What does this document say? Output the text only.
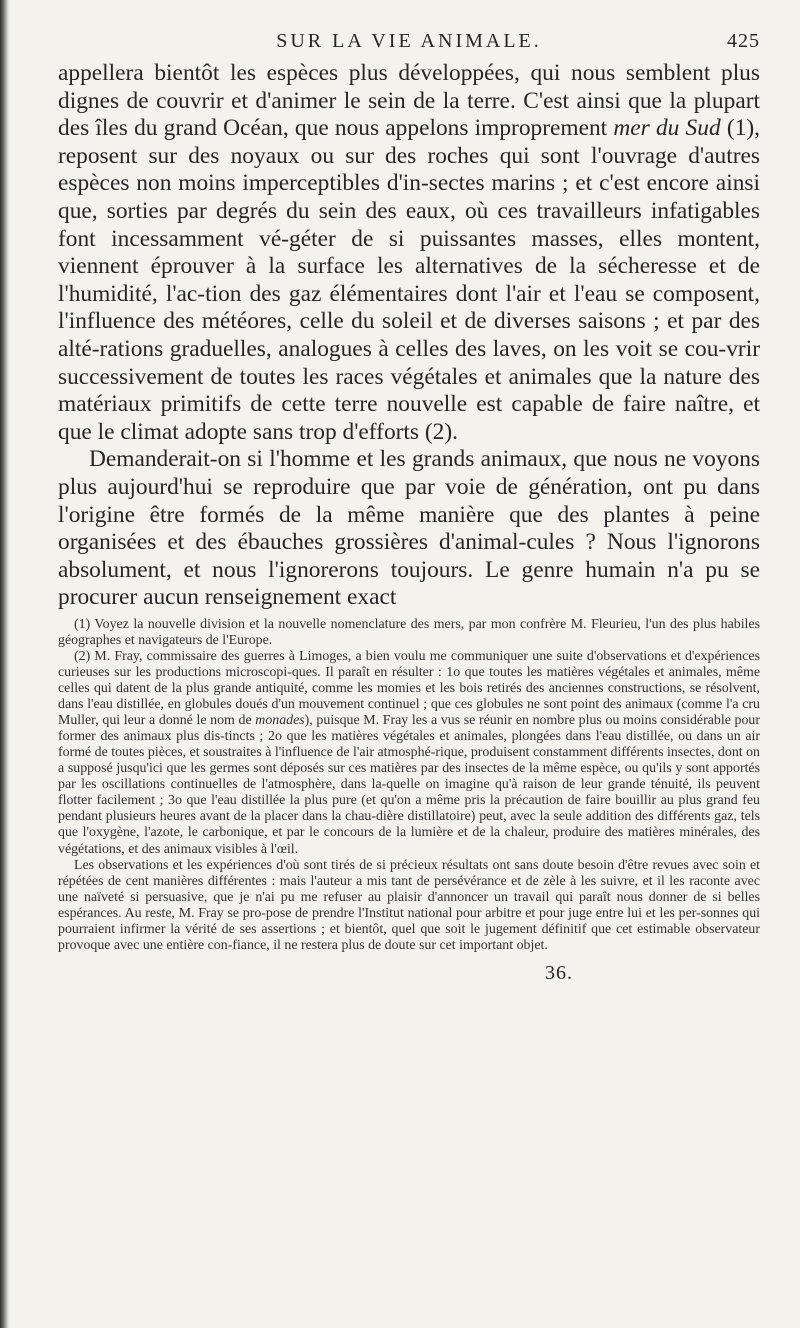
SUR LA VIE ANIMALE.	425

appellera bientôt les espèces plus développées, qui nous semblent plus dignes de couvrir et d'animer le sein de la terre. C'est ainsi que la plupart des îles du grand Océan, que nous appelons improprement mer du Sud (1), reposent sur des noyaux ou sur des roches qui sont l'ouvrage d'autres espèces non moins imperceptibles d'in-sectes marins ; et c'est encore ainsi que, sorties par degrés du sein des eaux, où ces travailleurs infatigables font incessamment vé-géter de si puissantes masses, elles montent, viennent éprouver à la surface les alternatives de la sécheresse et de l'humidité, l'ac-tion des gaz élémentaires dont l'air et l'eau se composent, l'influence des météores, celle du soleil et de diverses saisons ; et par des alté-rations graduelles, analogues à celles des laves, on les voit se cou-vrir successivement de toutes les races végétales et animales que la nature des matériaux primitifs de cette terre nouvelle est capable de faire naître, et que le climat adopte sans trop d'efforts (2).

Demanderait-on si l'homme et les grands animaux, que nous ne voyons plus aujourd'hui se reproduire que par voie de génération, ont pu dans l'origine être formés de la même manière que des plantes à peine organisées et des ébauches grossières d'animal-cules ? Nous l'ignorons absolument, et nous l'ignorerons toujours. Le genre humain n'a pu se procurer aucun renseignement exact

(1) Voyez la nouvelle division et la nouvelle nomenclature des mers, par mon confrère M. Fleurieu, l'un des plus habiles géographes et navigateurs de l'Europe.

(2) M. Fray, commissaire des guerres à Limoges, a bien voulu me communiquer une suite d'observations et d'expériences curieuses sur les productions microscopi-ques. Il paraît en résulter : 1o que toutes les matières végétales et animales, même celles qui datent de la plus grande antiquité, comme les momies et les bois retirés des anciennes constructions, se résolvent, dans l'eau distillée, en globules doués d'un mouvement continuel ; que ces globules ne sont point des animaux (comme l'a cru Muller, qui leur a donné le nom de monades), puisque M. Fray les a vus se réunir en nombre plus ou moins considérable pour former des animaux plus dis-tincts ; 2o que les matières végétales et animales, plongées dans l'eau distillée, ou dans un air formé de toutes pièces, et soustraites à l'influence de l'air atmosphé-rique, produisent constamment différents insectes, dont on a supposé jusqu'ici que les germes sont déposés sur ces matières par des insectes de la même espèce, ou qu'ils y sont apportés par les oscillations continuelles de l'atmosphère, dans la-quelle on imagine qu'à raison de leur grande ténuité, ils peuvent flotter facilement ; 3o que l'eau distillée la plus pure (et qu'on a même pris la précaution de faire bouillir au plus grand feu pendant plusieurs heures avant de la placer dans la chau-dière distillatoire) peut, avec la seule addition des différents gaz, tels que l'oxygène, l'azote, le carbonique, et par le concours de la lumière et de la chaleur, produire des matières minérales, des végétations, et des animaux visibles à l'œil.

Les observations et les expériences d'où sont tirés de si précieux résultats ont sans doute besoin d'être revues avec soin et répétées de cent manières différentes : mais l'auteur a mis tant de persévérance et de zèle à les suivre, et il les raconte avec une naïveté si persuasive, que je n'ai pu me refuser au plaisir d'annoncer un travail qui paraît nous donner de si belles espérances. Au reste, M. Fray se pro-pose de prendre l'Institut national pour arbitre et pour juge entre lui et les per-sonnes qui pourraient infirmer la vérité de ses assertions ; et bientôt, quel que soit le jugement définitif que cet estimable observateur provoque avec une entière con-fiance, il ne restera plus de doute sur cet important objet.

36.
